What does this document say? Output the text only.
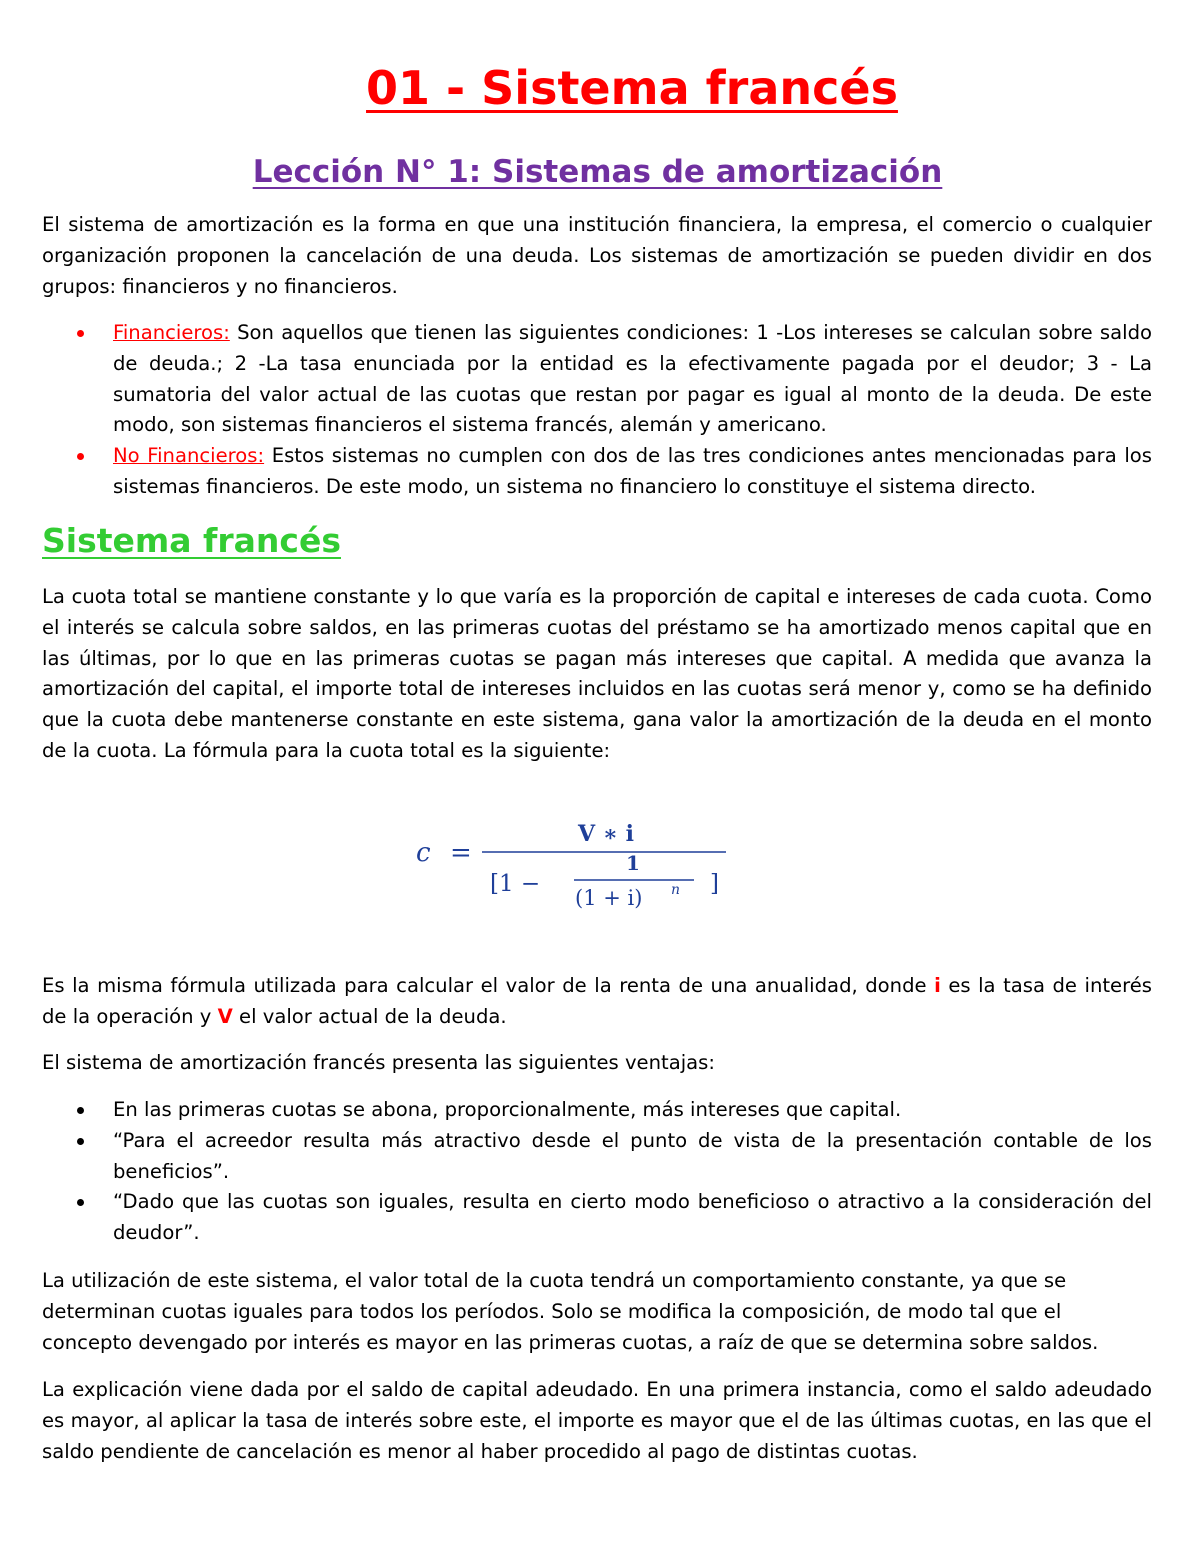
01 - Sistema francés
Lección N° 1: Sistemas de amortización

El sistema de amortización es la forma en que una institución financiera, la empresa, el comercio o cualquier organización proponen la cancelación de una deuda. Los sistemas de amortización se pueden dividir en dos grupos: financieros y no financieros.

Financieros: Son aquellos que tienen las siguientes condiciones: 1 -Los intereses se calculan sobre saldo de deuda.; 2 -La tasa enunciada por la entidad es la efectivamente pagada por el deudor; 3 - La sumatoria del valor actual de las cuotas que restan por pagar es igual al monto de la deuda. De este modo, son sistemas financieros el sistema francés, alemán y americano.
No Financieros: Estos sistemas no cumplen con dos de las tres condiciones antes mencionadas para los sistemas financieros. De este modo, un sistema no financiero lo constituye el sistema directo.
Sistema francés

La cuota total se mantiene constante y lo que varía es la proporción de capital e intereses de cada cuota. Como el interés se calcula sobre saldos, en las primeras cuotas del préstamo se ha amortizado menos capital que en las últimas, por lo que en las primeras cuotas se pagan más intereses que capital. A medida que avanza la amortización del capital, el importe total de intereses incluidos en las cuotas será menor y, como se ha definido que la cuota debe mantenerse constante en este sistema, gana valor la amortización de la deuda en el monto de la cuota. La fórmula para la cuota total es la siguiente:

c =
V ∗ i
[1 −
1
(1 + i) n ]

Es la misma fórmula utilizada para calcular el valor de la renta de una anualidad, donde i es la tasa de interés de la operación y V el valor actual de la deuda.

El sistema de amortización francés presenta las siguientes ventajas:

En las primeras cuotas se abona, proporcionalmente, más intereses que capital.
“Para el acreedor resulta más atractivo desde el punto de vista de la presentación contable de los beneficios”.
“Dado que las cuotas son iguales, resulta en cierto modo beneficioso o atractivo a la consideración del deudor”.

La utilización de este sistema, el valor total de la cuota tendrá un comportamiento constante, ya que se determinan cuotas iguales para todos los períodos. Solo se modifica la composición, de modo tal que el concepto devengado por interés es mayor en las primeras cuotas, a raíz de que se determina sobre saldos.

La explicación viene dada por el saldo de capital adeudado. En una primera instancia, como el saldo adeudado es mayor, al aplicar la tasa de interés sobre este, el importe es mayor que el de las últimas cuotas, en las que el saldo pendiente de cancelación es menor al haber procedido al pago de distintas cuotas.
